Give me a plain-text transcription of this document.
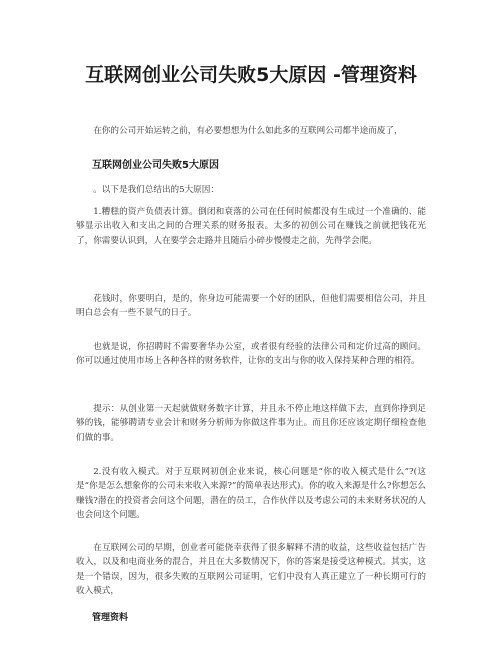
互联网创业公司失败5大原因 -管理资料

在你的公司开始运转之前，有必要想想为什么如此多的互联网公司都半途而废了，

互联网创业公司失败5大原因

。以下是我们总结出的5大原因：

1.糟糕的资产负债表计算。倒闭和衰落的公司在任何时候都没有生成过一个准确的、能够显示出收入和支出之间的合理关系的财务报表。太多的初创公司在赚钱之前就把钱花光了，你需要认识到，人在要学会走路并且随后小碎步慢慢走之前，先得学会爬。

花钱时，你要明白，是的，你身边可能需要一个好的团队，但他们需要相信公司，并且明白总会有一些不景气的日子。

也就是说，你招聘时不需要奢华办公室，或者很有经验的法律公司和定价过高的顾问。你可以通过使用市场上各种各样的财务软件，让你的支出与你的收入保持某种合理的相符。

提示：从创业第一天起就做财务数字计算，并且永不停止地这样做下去，直到你挣到足够的钱，能够聘请专业会计和财务分析师为你做这件事为止。而且你还应该定期仔细检查他们做的事。

2.没有收入模式。对于互联网初创企业来说，核心问题是“你的收入模式是什么”?(这是“你是怎么想象你的公司未来收入来源?”的简单表达形式)。你的收入来源是什么?你想怎么赚钱?潜在的投资者会问这个问题，潜在的员工，合作伙伴以及考虑公司的未来财务状况的人也会问这个问题。

在互联网公司的早期，创业者可能侥幸获得了很多解释不清的收益，这些收益包括广告收入，以及和电商业务的混合，并且在大多数情况下，你的答案是接受这种模式。其实，这是一个错误，因为，很多失败的互联网公司证明，它们中没有人真正建立了一种长期可行的收入模式，

管理资料
